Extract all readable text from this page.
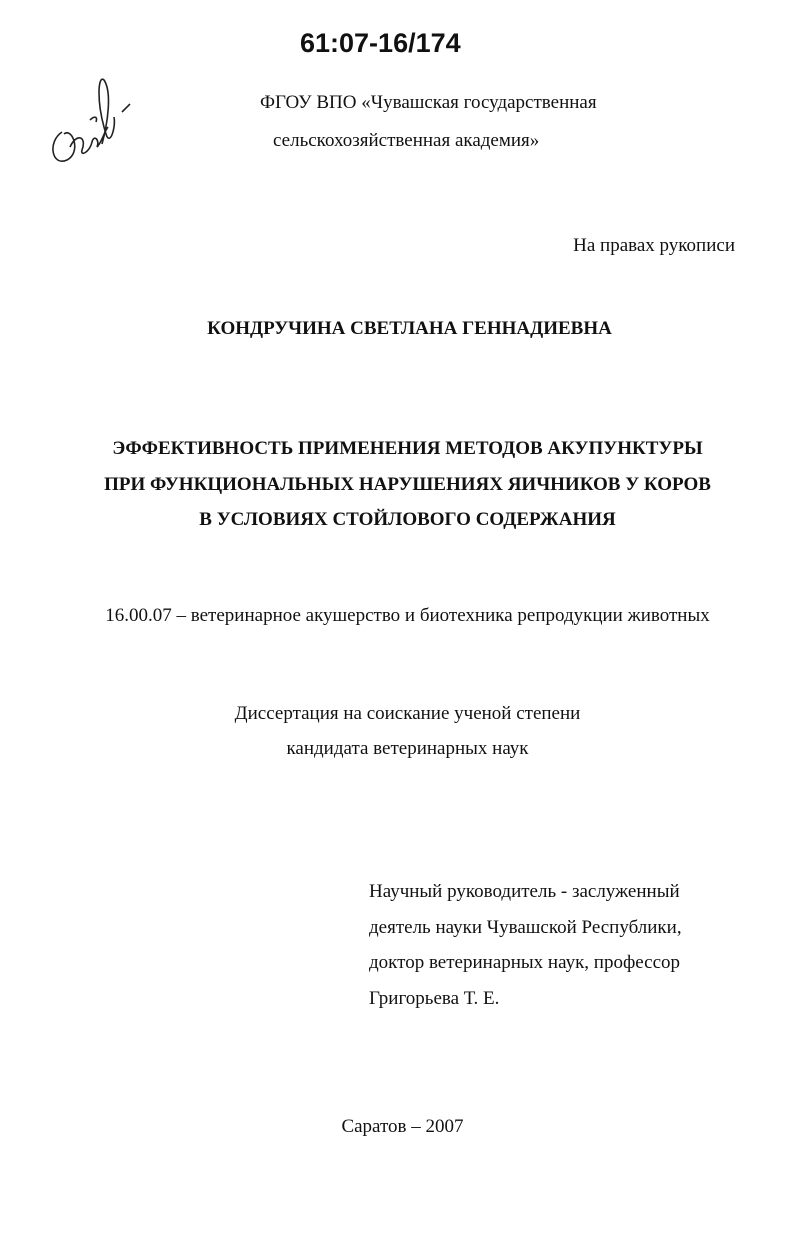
61:07-16/174
ФГОУ ВПО «Чувашская государственная
сельскохозяйственная академия»
На правах рукописи
КОНДРУЧИНА СВЕТЛАНА ГЕННАДИЕВНА
ЭФФЕКТИВНОСТЬ ПРИМЕНЕНИЯ МЕТОДОВ АКУПУНКТУРЫ
ПРИ ФУНКЦИОНАЛЬНЫХ НАРУШЕНИЯХ ЯИЧНИКОВ У КОРОВ
В УСЛОВИЯХ СТОЙЛОВОГО СОДЕРЖАНИЯ
16.00.07 – ветеринарное акушерство и биотехника репродукции животных
Диссертация на соискание ученой степени
кандидата ветеринарных наук
Научный руководитель - заслуженный
деятель науки Чувашской Республики,
доктор ветеринарных наук, профессор
Григорьева Т. Е.
Саратов – 2007
